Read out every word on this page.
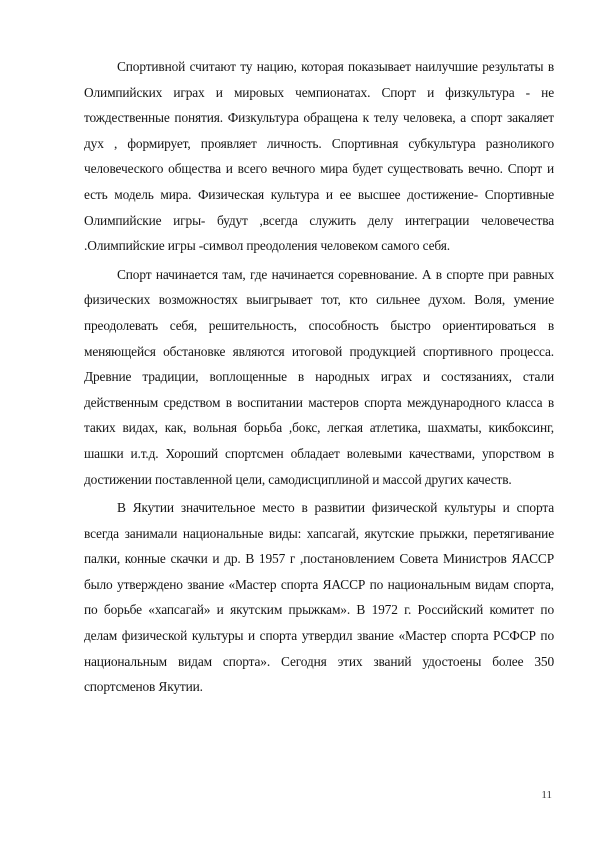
Спортивной считают ту нацию, которая показывает наилучшие результаты в Олимпийских играх и мировых чемпионатах. Спорт и физкультура - не тождественные понятия. Физкультура обращена к телу человека, а спорт закаляет дух , формирует, проявляет личность. Спортивная субкультура разноликого человеческого общества и всего вечного мира будет существовать вечно. Спорт и есть модель мира. Физическая культура и ее высшее достижение- Спортивные Олимпийские игры- будут ,всегда служить делу интеграции человечества .Олимпийские игры -символ преодоления человеком самого себя.

Спорт начинается там, где начинается соревнование. А в спорте при равных физических возможностях выигрывает тот, кто сильнее духом. Воля, умение преодолевать себя, решительность, способность быстро ориентироваться в меняющейся обстановке являются итоговой продукцией спортивного процесса. Древние традиции, воплощенные в народных играх и состязаниях, стали действенным средством в воспитании мастеров спорта международного класса в таких видах, как, вольная борьба ,бокс, легкая атлетика, шахматы, кикбоксинг, шашки и.т.д. Хороший спортсмен обладает волевыми качествами, упорством в достижении поставленной цели, самодисциплиной и массой других качеств.

В Якутии значительное место в развитии физической культуры и спорта всегда занимали национальные виды: хапсагай, якутские прыжки, перетягивание палки, конные скачки и др. В 1957 г ,постановлением Совета Министров ЯАССР было утверждено звание «Мастер спорта ЯАССР по национальным видам спорта, по борьбе «хапсагай» и якутским прыжкам». В 1972 г. Российский комитет по делам физической культуры и спорта утвердил звание «Мастер спорта РСФСР по национальным видам спорта». Сегодня этих званий удостоены более 350 спортсменов Якутии.

11
